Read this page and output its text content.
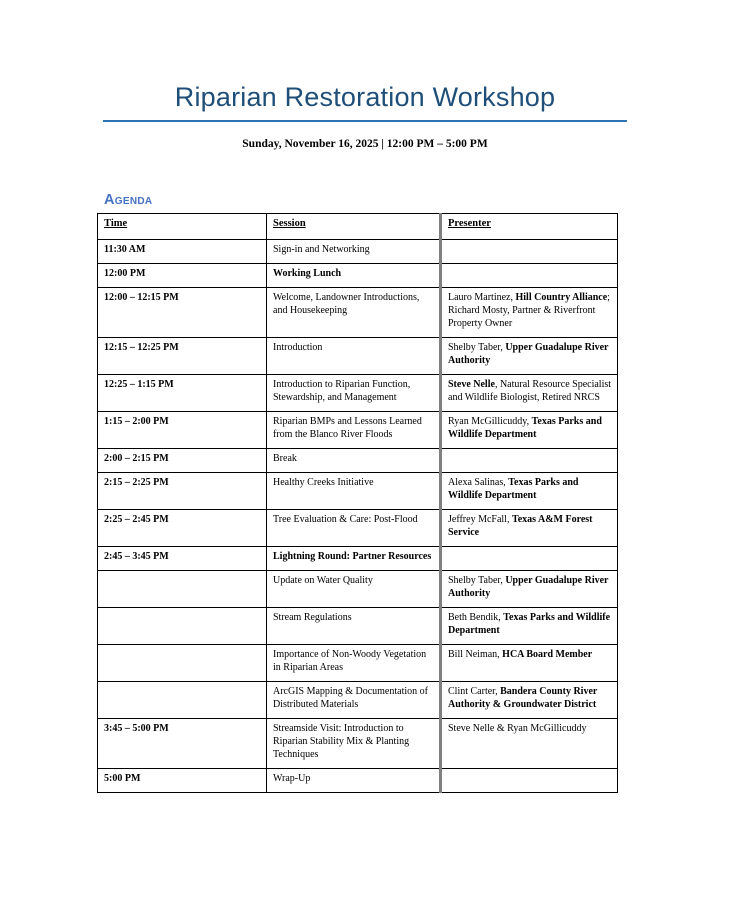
Riparian Restoration Workshop

Sunday, November 16, 2025 | 12:00 PM – 5:00 PM

Agenda
Time	Session	Presenter
11:30 AM	Sign-in and Networking	
12:00 PM	Working Lunch	
12:00 – 12:15 PM	Welcome, Landowner Introductions, and Housekeeping	Lauro Martinez, Hill Country Alliance; Richard Mosty, Partner & Riverfront Property Owner
12:15 – 12:25 PM	Introduction	Shelby Taber, Upper Guadalupe River Authority
12:25 – 1:15 PM	Introduction to Riparian Function, Stewardship, and Management	Steve Nelle, Natural Resource Specialist and Wildlife Biologist, Retired NRCS
1:15 – 2:00 PM	Riparian BMPs and Lessons Learned from the Blanco River Floods	Ryan McGillicuddy, Texas Parks and Wildlife Department
2:00 – 2:15 PM	Break	
2:15 – 2:25 PM	Healthy Creeks Initiative	Alexa Salinas, Texas Parks and Wildlife Department
2:25 – 2:45 PM	Tree Evaluation & Care: Post-Flood	Jeffrey McFall, Texas A&M Forest Service
2:45 – 3:45 PM	Lightning Round: Partner Resources	
	Update on Water Quality	Shelby Taber, Upper Guadalupe River Authority
	Stream Regulations	Beth Bendik, Texas Parks and Wildlife Department
	Importance of Non-Woody Vegetation in Riparian Areas	Bill Neiman, HCA Board Member
	ArcGIS Mapping & Documentation of Distributed Materials	Clint Carter, Bandera County River Authority & Groundwater District
3:45 – 5:00 PM	Streamside Visit: Introduction to Riparian Stability Mix & Planting Techniques	Steve Nelle & Ryan McGillicuddy
5:00 PM	Wrap-Up	
